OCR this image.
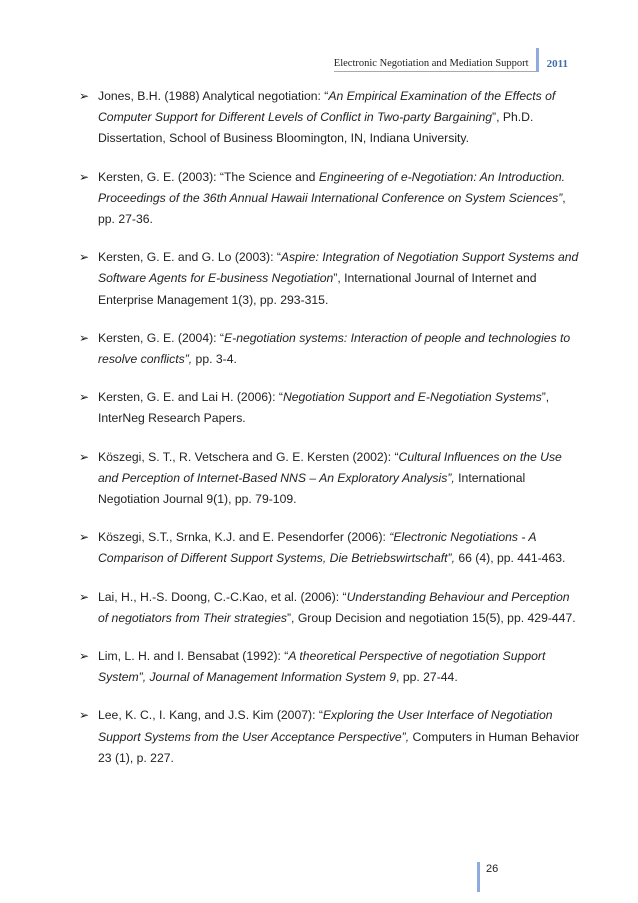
Electronic Negotiation and Mediation Support	2011
➢ Jones, B.H. (1988) Analytical negotiation: “An Empirical Examination of the Effects of Computer Support for Different Levels of Conflict in Two-party Bargaining”, Ph.D. Dissertation, School of Business Bloomington, IN, Indiana University.
➢ Kersten, G. E. (2003): “The Science and Engineering of e-Negotiation: An Introduction. Proceedings of the 36th Annual Hawaii International Conference on System Sciences”, pp. 27-36.
➢ Kersten, G. E. and G. Lo (2003): “Aspire: Integration of Negotiation Support Systems and Software Agents for E-business Negotiation”, International Journal of Internet and Enterprise Management 1(3), pp. 293-315.
➢ Kersten, G. E. (2004): “E-negotiation systems: Interaction of people and technologies to resolve conflicts”, pp. 3-4.
➢ Kersten, G. E. and Lai H. (2006): “Negotiation Support and E-Negotiation Systems”, InterNeg Research Papers.
➢ Köszegi, S. T., R. Vetschera and G. E. Kersten (2002): “Cultural Influences on the Use and Perception of Internet-Based NNS – An Exploratory Analysis”, International Negotiation Journal 9(1), pp. 79-109.
➢ Köszegi, S.T., Srnka, K.J. and E. Pesendorfer (2006): “Electronic Negotiations - A Comparison of Different Support Systems, Die Betriebswirtschaft”, 66 (4), pp. 441-463.
➢ Lai, H., H.-S. Doong, C.-C.Kao, et al. (2006): “Understanding Behaviour and Perception of negotiators from Their strategies”, Group Decision and negotiation 15(5), pp. 429-447.
➢ Lim, L. H. and I. Bensabat (1992): “A theoretical Perspective of negotiation Support System”, Journal of Management Information System 9, pp. 27-44.
➢ Lee, K. C., I. Kang, and J.S. Kim (2007): “Exploring the User Interface of Negotiation Support Systems from the User Acceptance Perspective”, Computers in Human Behavior 23 (1), p. 227.
26
